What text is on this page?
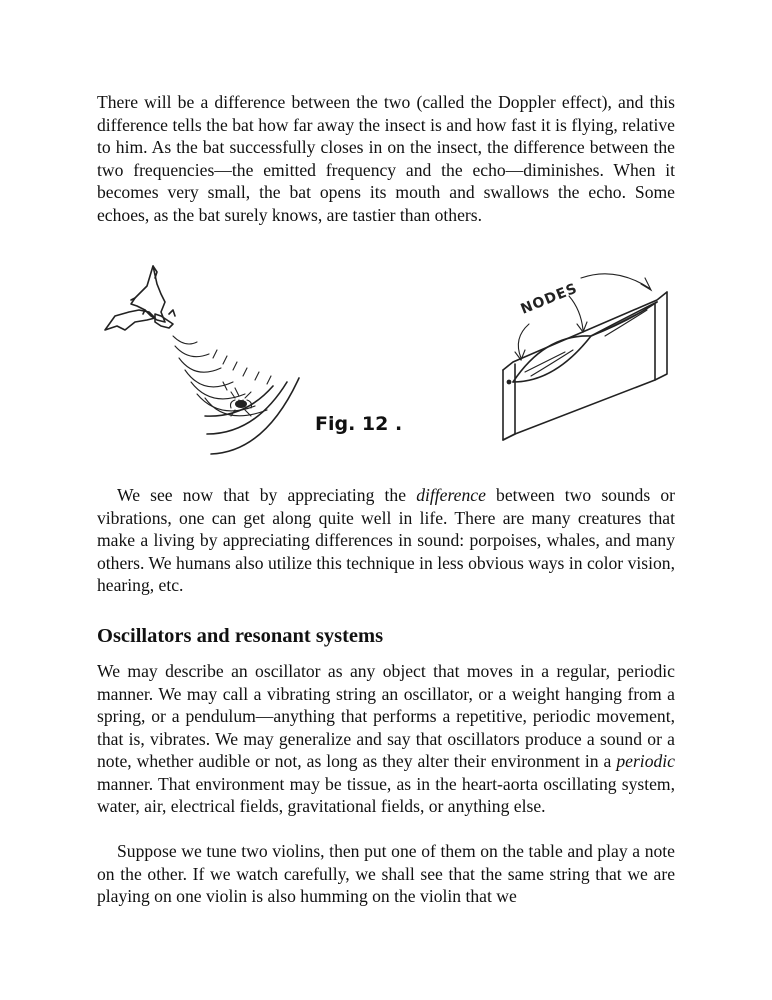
There will be a difference between the two (called the Doppler effect), and this difference tells the bat how far away the insect is and how fast it is flying, relative to him. As the bat successfully closes in on the insect, the difference between the two frequencies—the emitted frequency and the echo—diminishes. When it becomes very small, the bat opens its mouth and swallows the echo. Some echoes, as the bat surely knows, are tastier than others.

NODES
Fig. 12 .

We see now that by appreciating the difference between two sounds or vibrations, one can get along quite well in life. There are many creatures that make a living by appreciating differences in sound: porpoises, whales, and many others. We humans also utilize this technique in less obvious ways in color vision, hearing, etc.

Oscillators and resonant systems

We may describe an oscillator as any object that moves in a regular, periodic manner. We may call a vibrating string an oscillator, or a weight hanging from a spring, or a pendulum—anything that performs a repetitive, periodic movement, that is, vibrates. We may generalize and say that oscillators produce a sound or a note, whether audible or not, as long as they alter their environment in a periodic manner. That environment may be tissue, as in the heart-aorta oscillating system, water, air, electrical fields, gravitational fields, or anything else.

Suppose we tune two violins, then put one of them on the table and play a note on the other. If we watch carefully, we shall see that the same string that we are playing on one violin is also humming on the violin that we
